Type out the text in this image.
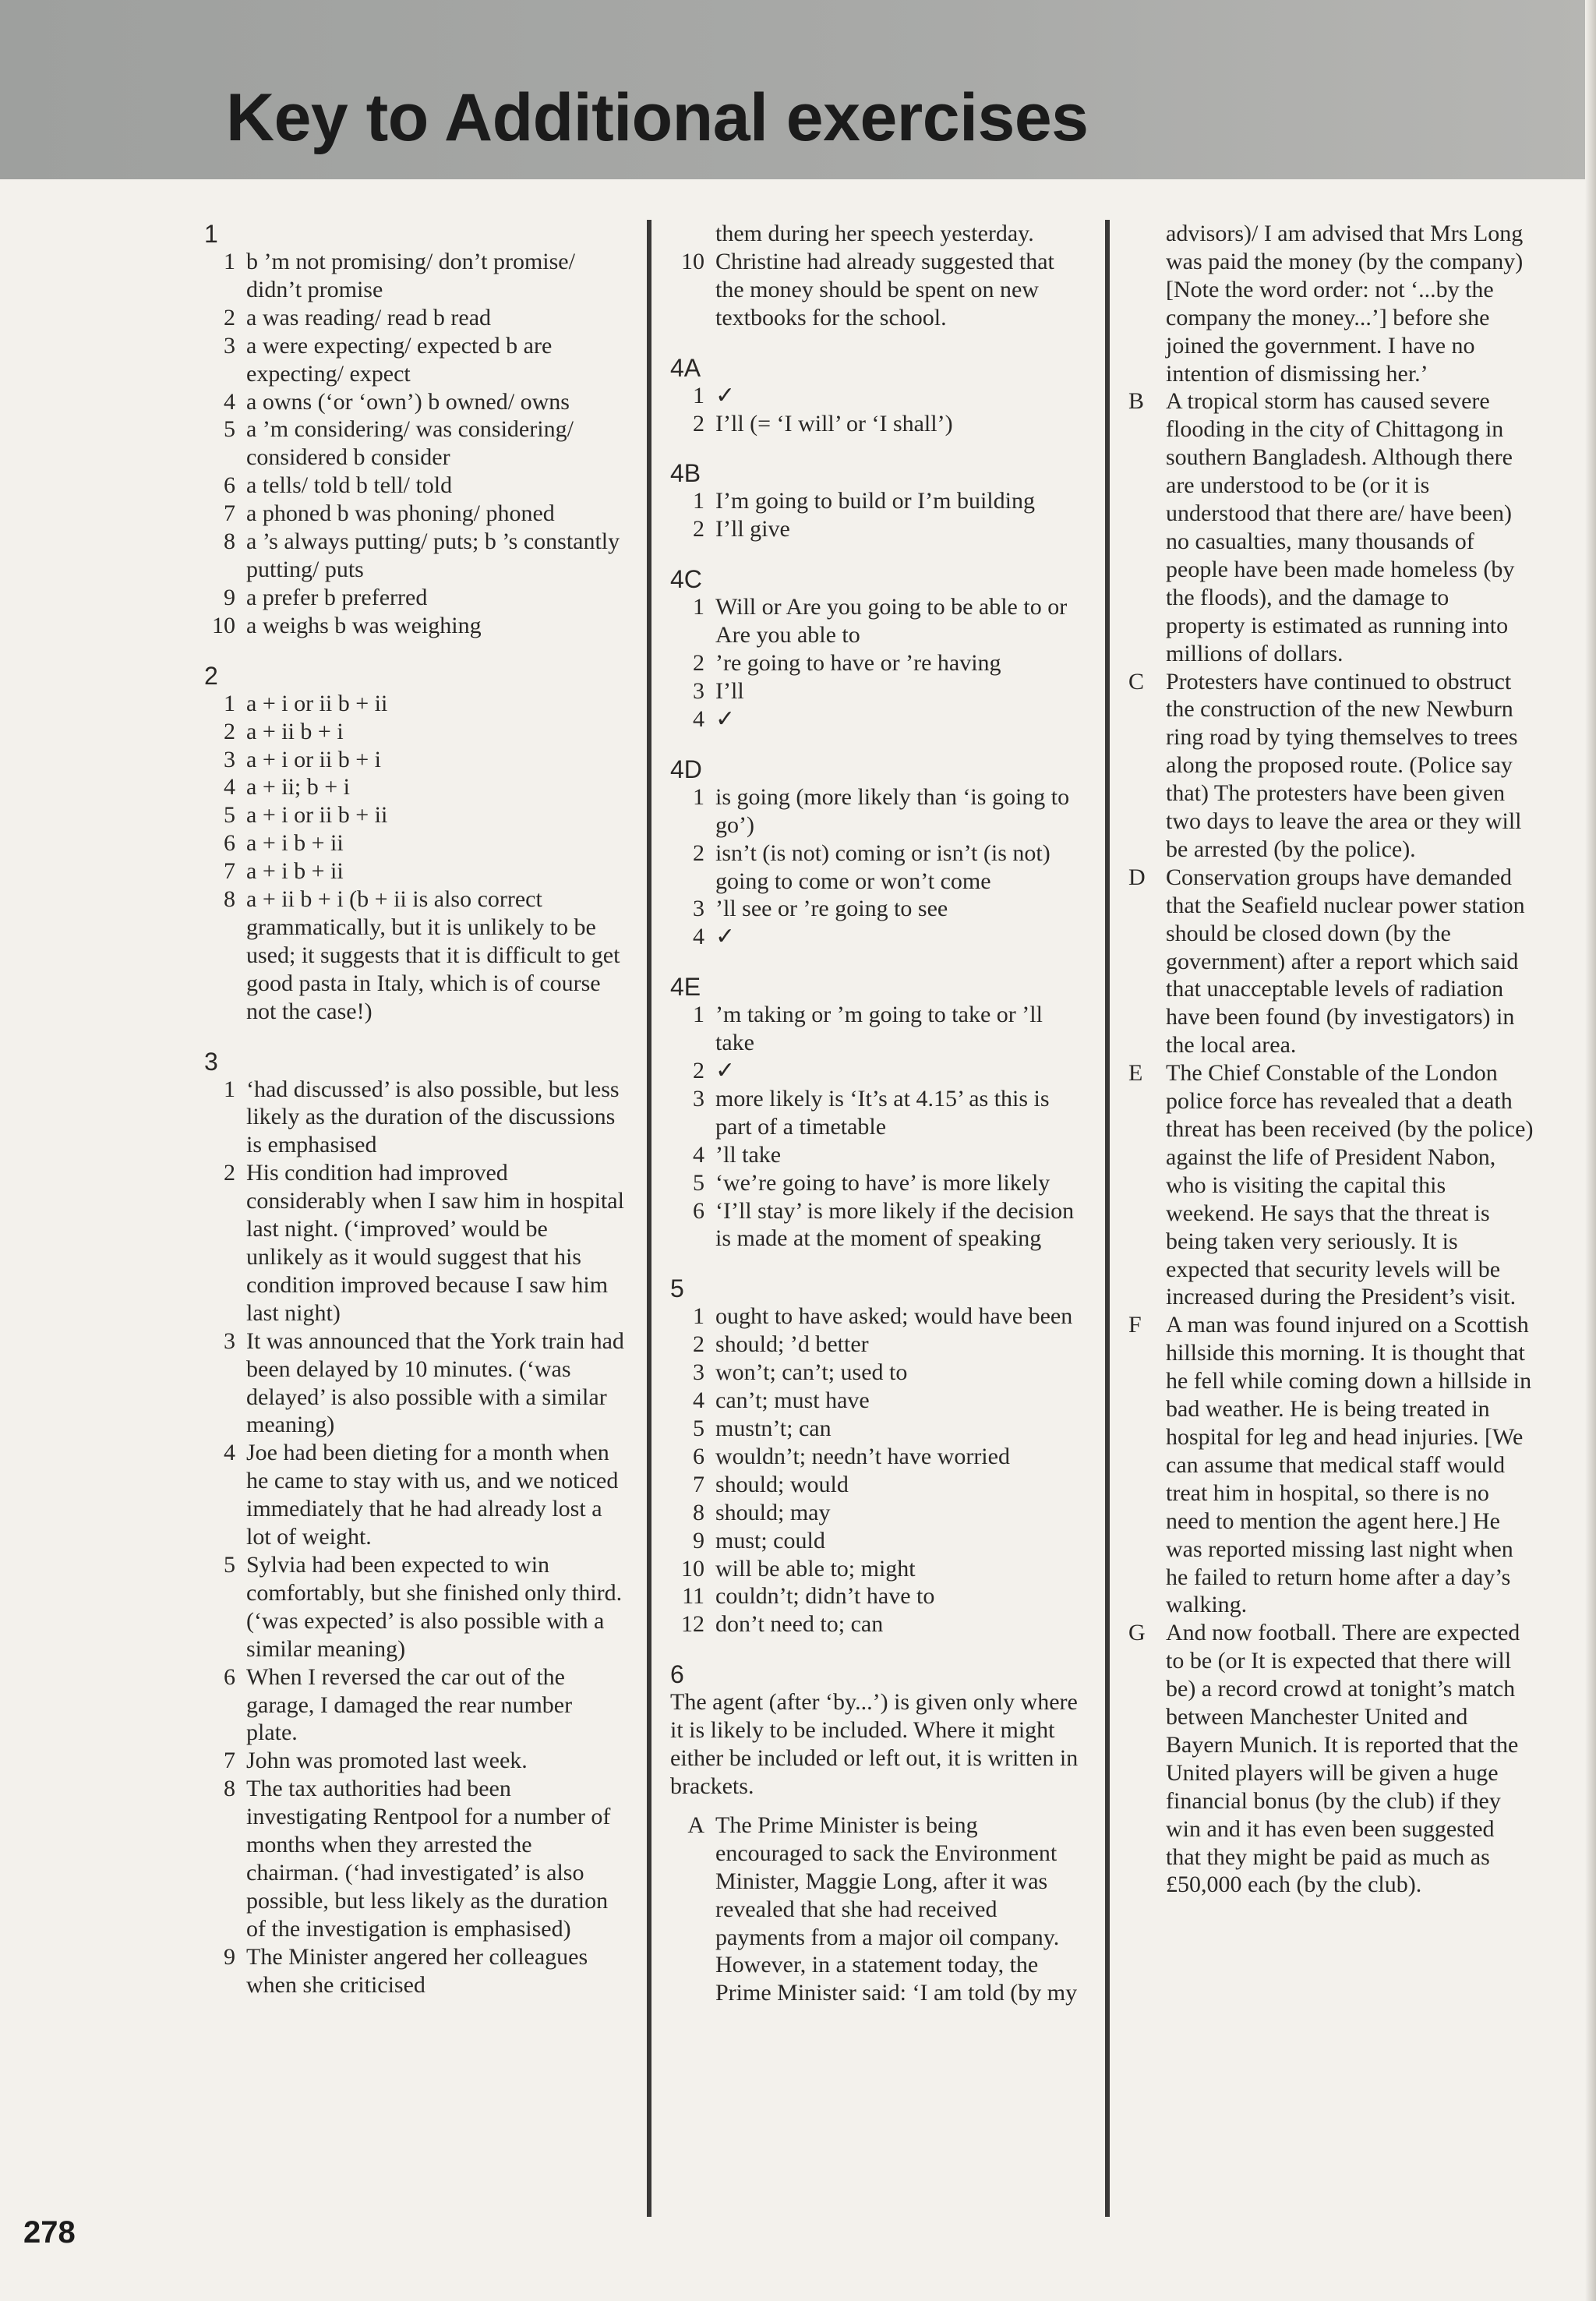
Key to Additional exercises
1
1 b ’m not promising/ don’t promise/ didn’t promise
2 a was reading/ read b read
3 a were expecting/ expected b are expecting/ expect
4 a owns (‘or ‘own’) b owned/ owns
5 a ’m considering/ was considering/ considered b consider
6 a tells/ told b tell/ told
7 a phoned b was phoning/ phoned
8 a ’s always putting/ puts; b ’s constantly putting/ puts
9 a prefer b preferred
10 a weighs b was weighing
2
1 a + i or ii b + ii
2 a + ii b + i
3 a + i or ii b + i
4 a + ii; b + i
5 a + i or ii b + ii
6 a + i b + ii
7 a + i b + ii
8 a + ii b + i (b + ii is also correct grammatically, but it is unlikely to be used; it suggests that it is difficult to get good pasta in Italy, which is of course not the case!)
3
1 ‘had discussed’ is also possible, but less likely as the duration of the discussions is emphasised
2 His condition had improved considerably when I saw him in hospital last night. (‘improved’ would be unlikely as it would suggest that his condition improved because I saw him last night)
3 It was announced that the York train had been delayed by 10 minutes. (‘was delayed’ is also possible with a similar meaning)
4 Joe had been dieting for a month when he came to stay with us, and we noticed immediately that he had already lost a lot of weight.
5 Sylvia had been expected to win comfortably, but she finished only third. (‘was expected’ is also possible with a similar meaning)
6 When I reversed the car out of the garage, I damaged the rear number plate.
7 John was promoted last week.
8 The tax authorities had been investigating Rentpool for a number of months when they arrested the chairman. (‘had investigated’ is also possible, but less likely as the duration of the investigation is emphasised)
9 The Minister angered her colleagues when she criticised
them during her speech yesterday.
10 Christine had already suggested that the money should be spent on new textbooks for the school.
4A
1 ✓
2 I’ll (= ‘I will’ or ‘I shall’)
4B
1 I’m going to build or I’m building
2 I’ll give
4C
1 Will or Are you going to be able to or Are you able to
2 ’re going to have or ’re having
3 I’ll
4 ✓
4D
1 is going (more likely than ‘is going to go’)
2 isn’t (is not) coming or isn’t (is not) going to come or won’t come
3 ’ll see or ’re going to see
4 ✓
4E
1 ’m taking or ’m going to take or ’ll take
2 ✓
3 more likely is ‘It’s at 4.15’ as this is part of a timetable
4 ’ll take
5 ‘we’re going to have’ is more likely
6 ‘I’ll stay’ is more likely if the decision is made at the moment of speaking
5
1 ought to have asked; would have been
2 should; ’d better
3 won’t; can’t; used to
4 can’t; must have
5 mustn’t; can
6 wouldn’t; needn’t have worried
7 should; would
8 should; may
9 must; could
10 will be able to; might
11 couldn’t; didn’t have to
12 don’t need to; can
6

The agent (after ‘by...’) is given only where it is likely to be included. Where it might either be included or left out, it is written in brackets.

A The Prime Minister is being encouraged to sack the Environment Minister, Maggie Long, after it was revealed that she had received payments from a major oil company. However, in a statement today, the Prime Minister said: ‘I am told (by my
advisors)/ I am advised that Mrs Long was paid the money (by the company) [Note the word order: not ‘...by the company the money...’] before she joined the government. I have no intention of dismissing her.’
B A tropical storm has caused severe flooding in the city of Chittagong in southern Bangladesh. Although there are understood to be (or it is understood that there are/ have been) no casualties, many thousands of people have been made homeless (by the floods), and the damage to property is estimated as running into millions of dollars.
C Protesters have continued to obstruct the construction of the new Newburn ring road by tying themselves to trees along the proposed route. (Police say that) The protesters have been given two days to leave the area or they will be arrested (by the police).
D Conservation groups have demanded that the Seafield nuclear power station should be closed down (by the government) after a report which said that unacceptable levels of radiation have been found (by investigators) in the local area.
E The Chief Constable of the London police force has revealed that a death threat has been received (by the police) against the life of President Nabon, who is visiting the capital this weekend. He says that the threat is being taken very seriously. It is expected that security levels will be increased during the President’s visit.
F	A man was found injured on a Scottish hillside this morning. It is thought that he fell while coming down a hillside in bad weather. He is being treated in hospital for leg and head injuries. [We can assume that medical staff would treat him in hospital, so there is no need to mention the agent here.] He was reported missing last night when he failed to return home after a day’s walking.
G And now football. There are expected to be (or It is expected that there will be) a record crowd at tonight’s match between Manchester United and Bayern Munich. It is reported that the United players will be given a huge financial bonus (by the club) if they win and it has even been suggested that they might be paid as much as £50,000 each (by the club).
278
